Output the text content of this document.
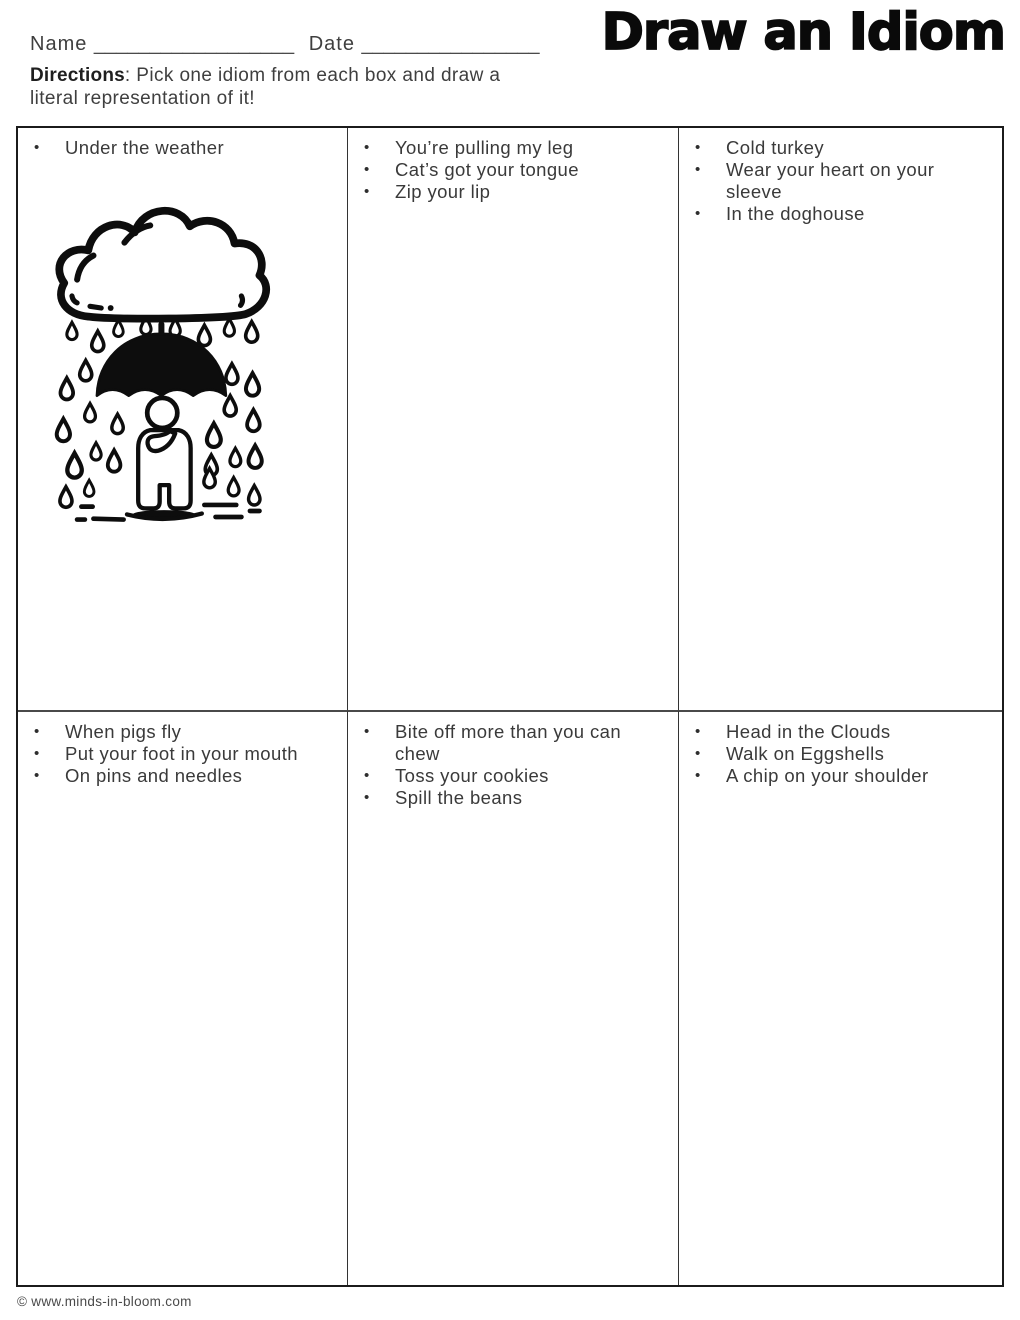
Name __________________ Date ________________
Directions: Pick one idiom from each box and draw a literal representation of it!
Draw an Idiom
• Under the weather	• You’re pulling my leg
• Cat’s got your tongue
• Zip your lip
• Cold turkey
• Wear your heart on your sleeve
• In the doghouse
• When pigs fly
• Put your foot in your mouth
• On pins and needles
• Bite off more than you can chew
• Toss your cookies
• Spill the beans
• Head in the Clouds
• Walk on Eggshells
• A chip on your shoulder
© www.minds-in-bloom.com
